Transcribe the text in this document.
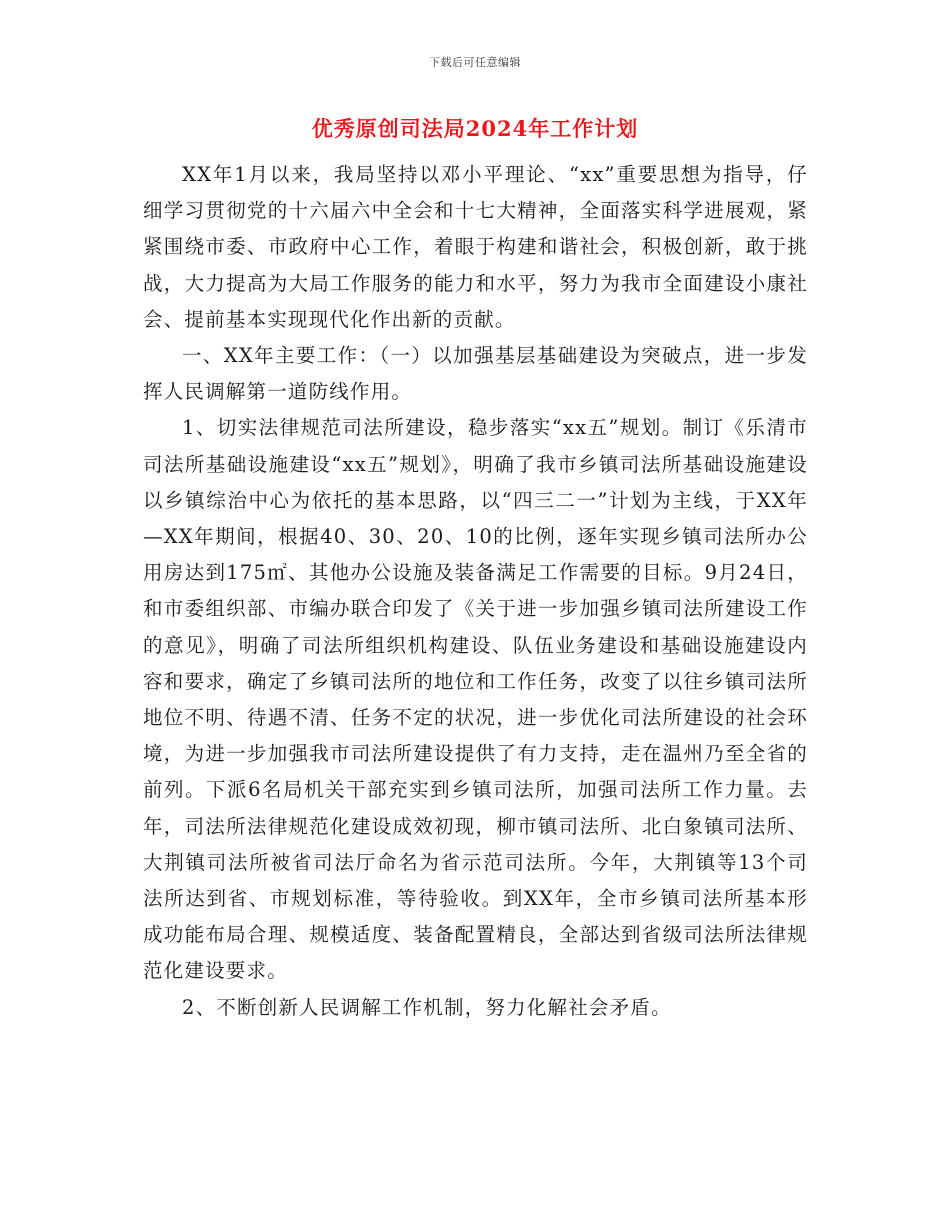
下载后可任意编辑
优秀原创司法局2024年工作计划

XX年1月以来，我局坚持以邓小平理论、“xx”重要思想为指导，仔细学习贯彻党的十六届六中全会和十七大精神，全面落实科学进展观，紧紧围绕市委、市政府中心工作，着眼于构建和谐社会，积极创新，敢于挑战，大力提高为大局工作服务的能力和水平，努力为我市全面建设小康社会、提前基本实现现代化作出新的贡献。

一、XX年主要工作：（一）以加强基层基础建设为突破点，进一步发挥人民调解第一道防线作用。

1、切实法律规范司法所建设，稳步落实“xx五”规划。制订《乐清市司法所基础设施建设“xx五”规划》，明确了我市乡镇司法所基础设施建设以乡镇综治中心为依托的基本思路，以“四三二一”计划为主线，于XX年—XX年期间，根据40、30、20、10的比例，逐年实现乡镇司法所办公用房达到175㎡、其他办公设施及装备满足工作需要的目标。9月24日，和市委组织部、市编办联合印发了《关于进一步加强乡镇司法所建设工作的意见》，明确了司法所组织机构建设、队伍业务建设和基础设施建设内容和要求，确定了乡镇司法所的地位和工作任务，改变了以往乡镇司法所地位不明、待遇不清、任务不定的状况，进一步优化司法所建设的社会环境，为进一步加强我市司法所建设提供了有力支持，走在温州乃至全省的前列。下派6名局机关干部充实到乡镇司法所，加强司法所工作力量。去年，司法所法律规范化建设成效初现，柳市镇司法所、北白象镇司法所、大荆镇司法所被省司法厅命名为省示范司法所。今年，大荆镇等13个司法所达到省、市规划标准，等待验收。到XX年，全市乡镇司法所基本形成功能布局合理、规模适度、装备配置精良，全部达到省级司法所法律规范化建设要求。

2、不断创新人民调解工作机制，努力化解社会矛盾。
